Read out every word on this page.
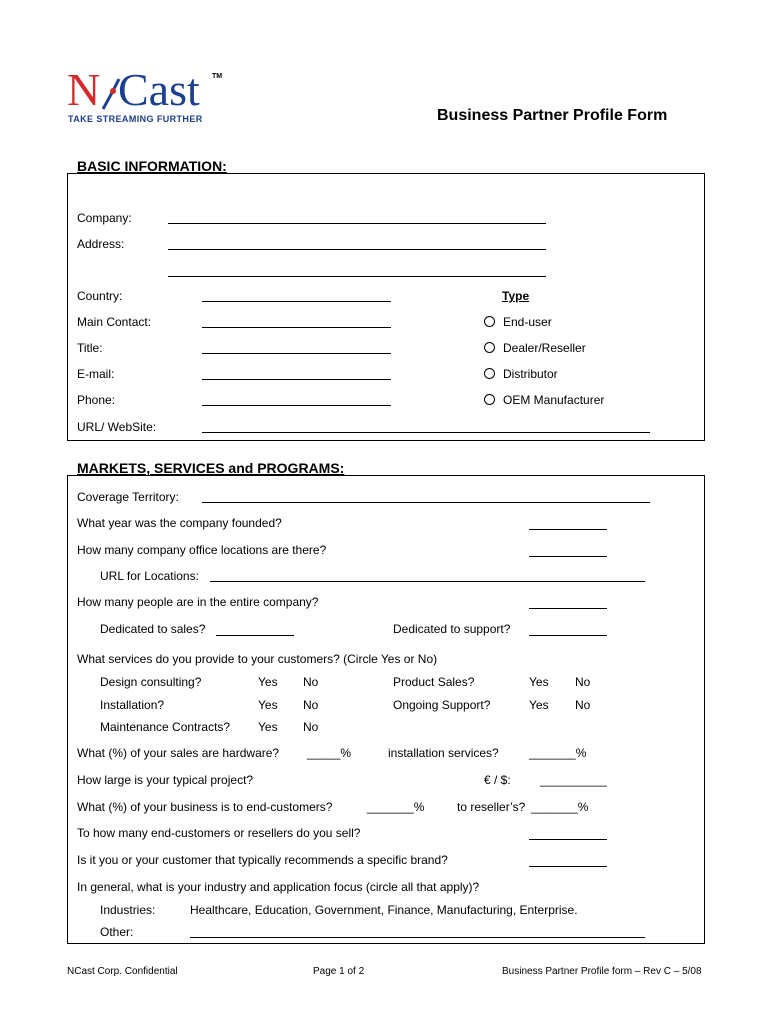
N Cast TM
TAKE STREAMING FURTHER	Business Partner Profile Form
BASIC INFORMATION:
Company:
Address:
Country:
Main Contact:
Title:
E-mail:
Phone:
URL/ WebSite:
Type
End-user
Dealer/Reseller
Distributor
OEM Manufacturer
MARKETS, SERVICES and PROGRAMS:
Coverage Territory:
What year was the company founded?
How many company office locations are there?
URL for Locations:
How many people are in the entire company?
Dedicated to sales?	Dedicated to support?
What services do you provide to your customers? (Circle Yes or No)
Design consulting?	Yes No	Product Sales?	Yes No
Installation?	Yes No	Ongoing Support?	Yes No
Maintenance Contracts? Yes No
What (%) of your sales are hardware? _____%	installation services?	_______%
How large is your typical project?	€ / $: __________
What (%) of your business is to end-customers?	_______%	to reseller’s? _______%
To how many end-customers or resellers do you sell?
Is it you or your customer that typically recommends a specific brand?
In general, what is your industry and application focus (circle all that apply)?
Industries:	Healthcare, Education, Government, Finance, Manufacturing, Enterprise.
Other:
NCast Corp. Confidential	Page 1 of 2	Business Partner Profile form – Rev C – 5/08
